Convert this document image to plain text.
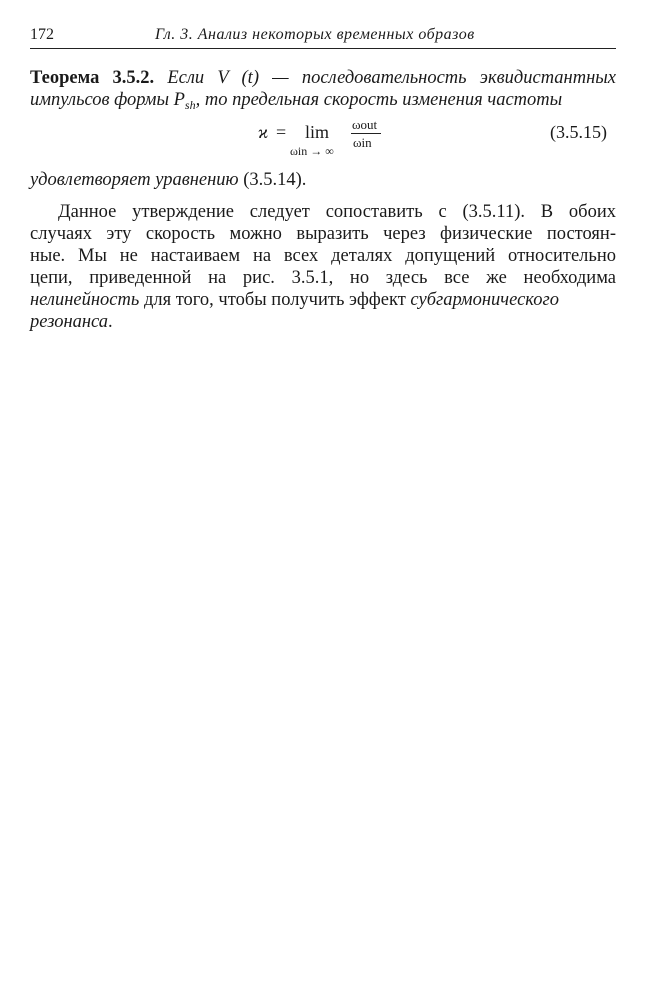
172	Гл. 3. Анализ некоторых временных образов
Теорема 3.5.2. Если V (t) — последовательность эквидистантных
импульсов формы $P_{sh}$, то предельная скорость изменения частоты
ϰ = lim
ωin → ∞
ωout
ωin
(3.5.15)
удовлетворяет уравнению (3.5.14).
Данное утверждение следует сопоставить с (3.5.11). В обоих
случаях эту скорость можно выразить через физические постоян-
ные. Мы не настаиваем на всех деталях допущений относительно
цепи, приведенной на рис. 3.5.1, но здесь все же необходима
нелинейность для того, чтобы получить эффект субгармонического
резонанса.
